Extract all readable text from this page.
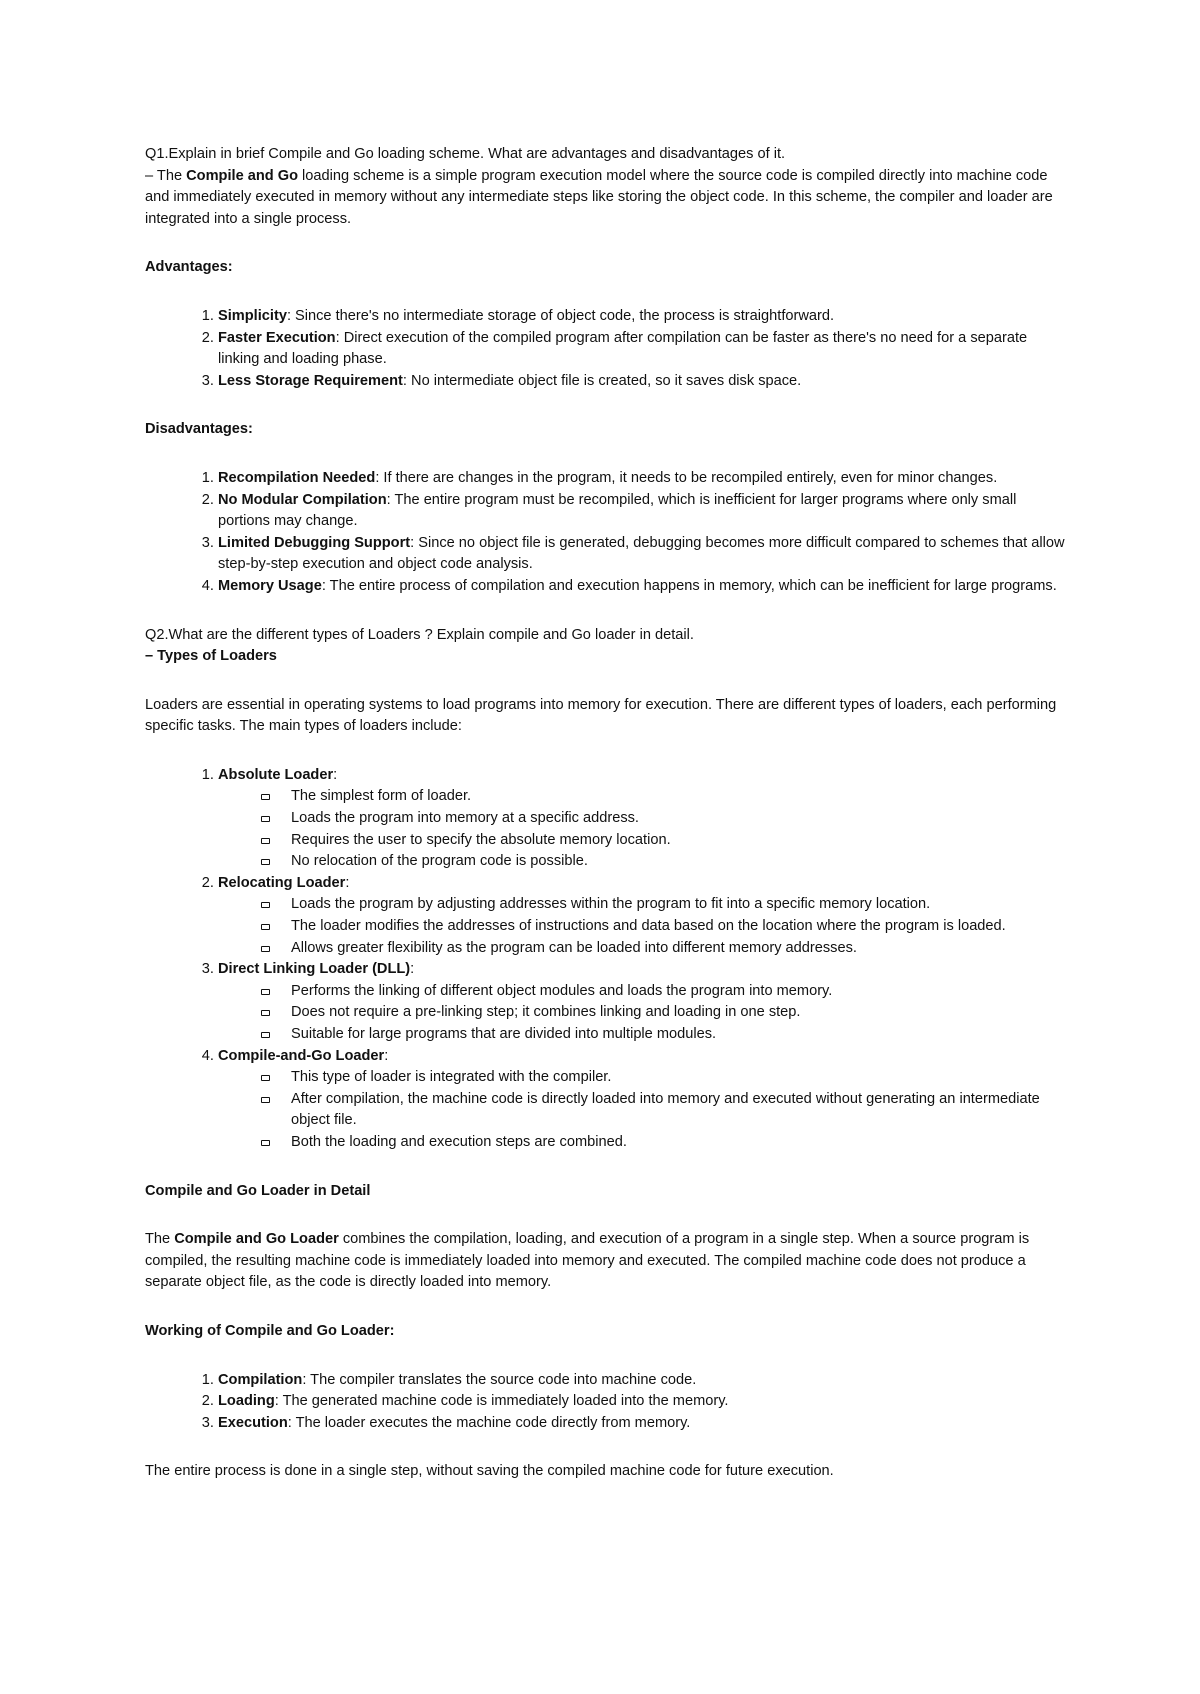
Q1.Explain in brief Compile and Go loading scheme. What are advantages and disadvantages of it.

– The Compile and Go loading scheme is a simple program execution model where the source code is compiled directly into machine code and immediately executed in memory without any intermediate steps like storing the object code. In this scheme, the compiler and loader are integrated into a single process.

Advantages:

1. Simplicity: Since there's no intermediate storage of object code, the process is straightforward.
2. Faster Execution: Direct execution of the compiled program after compilation can be faster as there's no need for a separate linking and loading phase.
3. Less Storage Requirement: No intermediate object file is created, so it saves disk space.

Disadvantages:

1. Recompilation Needed: If there are changes in the program, it needs to be recompiled entirely, even for minor changes.
2. No Modular Compilation: The entire program must be recompiled, which is inefficient for larger programs where only small portions may change.
3. Limited Debugging Support: Since no object file is generated, debugging becomes more difficult compared to schemes that allow step-by-step execution and object code analysis.
4. Memory Usage: The entire process of compilation and execution happens in memory, which can be inefficient for large programs.

Q2.What are the different types of Loaders ? Explain compile and Go loader in detail.

– Types of Loaders

Loaders are essential in operating systems to load programs into memory for execution. There are different types of loaders, each performing specific tasks. The main types of loaders include:

1. Absolute Loader:
The simplest form of loader.
Loads the program into memory at a specific address.
Requires the user to specify the absolute memory location.
No relocation of the program code is possible.
2. Relocating Loader:
Loads the program by adjusting addresses within the program to fit into a specific memory location.
The loader modifies the addresses of instructions and data based on the location where the program is loaded.
Allows greater flexibility as the program can be loaded into different memory addresses.
3. Direct Linking Loader (DLL):
Performs the linking of different object modules and loads the program into memory.
Does not require a pre-linking step; it combines linking and loading in one step.
Suitable for large programs that are divided into multiple modules.
4. Compile-and-Go Loader:
This type of loader is integrated with the compiler.
After compilation, the machine code is directly loaded into memory and executed without generating an intermediate object file.
Both the loading and execution steps are combined.

Compile and Go Loader in Detail

The Compile and Go Loader combines the compilation, loading, and execution of a program in a single step. When a source program is compiled, the resulting machine code is immediately loaded into memory and executed. The compiled machine code does not produce a separate object file, as the code is directly loaded into memory.

Working of Compile and Go Loader:

1. Compilation: The compiler translates the source code into machine code.
2. Loading: The generated machine code is immediately loaded into the memory.
3. Execution: The loader executes the machine code directly from memory.

The entire process is done in a single step, without saving the compiled machine code for future execution.
